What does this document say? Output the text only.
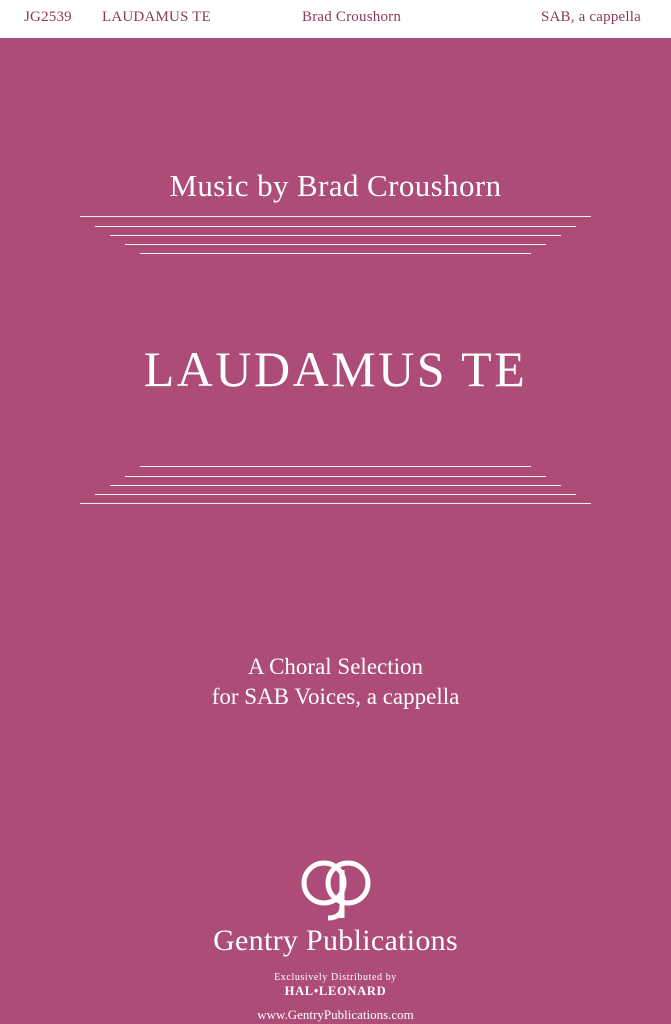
JG2539	LAUDAMUS TE	Brad Croushorn	SAB, a cappella
Music by Brad Croushorn
LAUDAMUS TE
A Choral Selection
for SAB Voices, a cappella
Gentry Publications
Exclusively Distributed by
HAL•LEONARD
www.GentryPublications.com
